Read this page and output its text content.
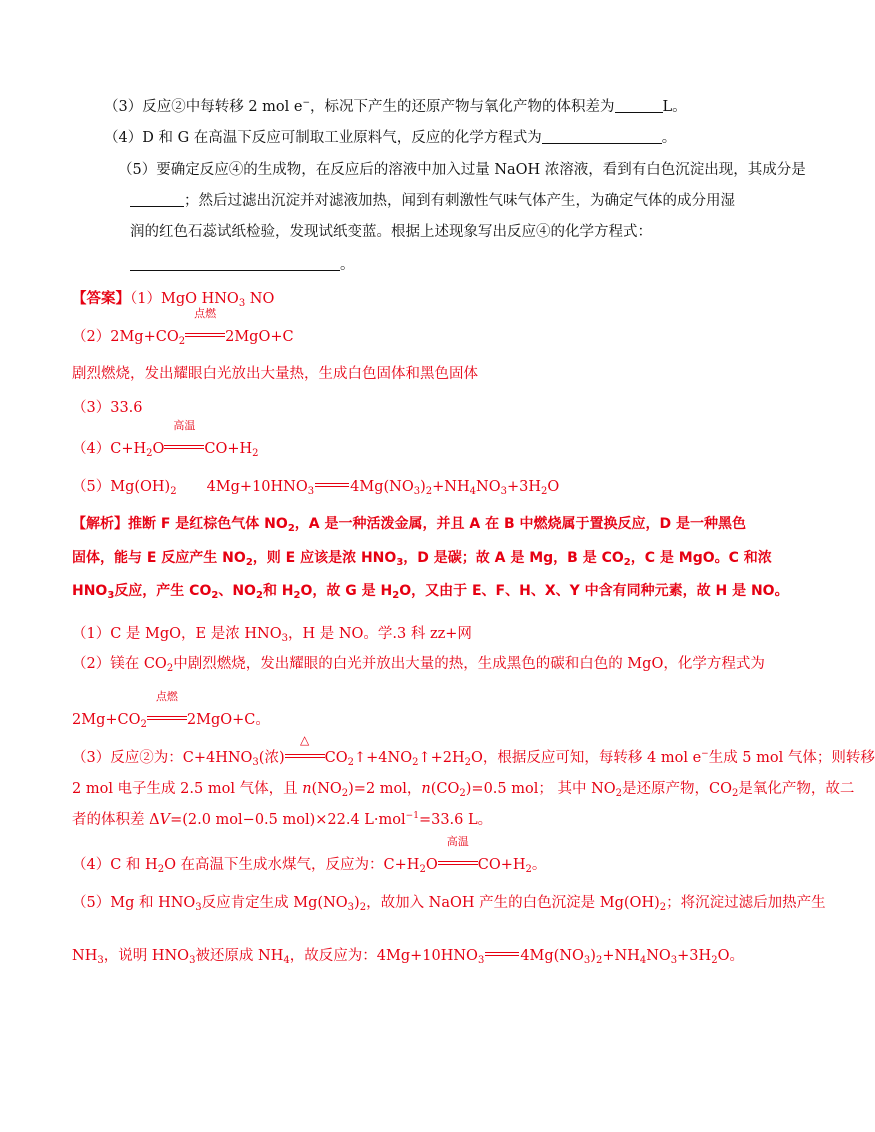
（3）反应②中每转移 2 mol e−，标况下产生的还原产物与氧化产物的体积差为	L。
（4）D 和 G 在高温下反应可制取工业原料气，反应的化学方程式为	。
（5）要确定反应④的生成物，在反应后的溶液中加入过量 NaOH 浓溶液，看到有白色沉淀出现，其成分是
；然后过滤出沉淀并对滤液加热，闻到有刺激性气味气体产生，为确定气体的成分用湿
润的红色石蕊试纸检验，发现试纸变蓝。根据上述现象写出反应④的化学方程式：
。
【答案】（1）MgO $HNO_3$ NO
$(2)2Mg+CO_2$
点燃
2MgO+C
剧烈燃烧，发出耀眼白光放出大量热，生成白色固体和黑色固体
（3）33.6
$(4)C+H_2O$
高温
$CO+H_2$
$(5)Mg(OH)_2$ $4Mg+10HNO_3$ $4Mg(NO_3)_2+NH_4NO_3+3H_2O$
【解析】推断 F 是红棕色气体 $NO_2$，A 是一种活泼金属，并且 A 在 B 中燃烧属于置换反应，D 是一种黑色
固体，能与 E 反应产生 $NO_2$，则 E 应该是浓 $HNO_3$，D 是碳；故 A 是 Mg，B 是 $CO_2$，C 是 MgO。C 和浓
$HNO_3$反应，产生 $CO_2$、$NO_2$和 $H_2O$，故 G 是 $H_2O$，又由于 E、F、H、X、Y 中含有同种元素，故 H 是 NO。
（1）C 是 MgO，E 是浓 $HNO_3$，H 是 NO。学.3 科 zz+网
（2）镁在 $CO_2$中剧烈燃烧，发出耀眼的白光并放出大量的热，生成黑色的碳和白色的 MgO，化学方程式为
$2Mg+CO_2$
点燃
2MgO+C。
（3）反应②为：$C+4HNO_3$(浓)
△
$CO_2↑+4NO_2↑+2H_2O$，根据反应可知，每转移 4 mol e−生成 5 mol 气体；则转移
2 mol 电子生成 2.5 mol 气体，且 $n(NO_2)=2$ mol，$n(CO_2)=0.5$ mol； 其中 $NO_2$是还原产物，$CO_2$是氧化产物，故二
者的体积差 ΔV=(2.0 mol−0.5 mol)×22.4 L·mol$^{-1}$=33.6 L。
（4）C 和 $H_2O$ 在高温下生成水煤气，反应为：$C+H_2O$
高温
$CO+H_2$。
（5）Mg 和 $HNO_3$反应肯定生成 $Mg(NO_3)_2$，故加入 NaOH 产生的白色沉淀是 $Mg(OH)_2$；将沉淀过滤后加热产生
$NH_3$，说明 $HNO_3$被还原成 $NH_4$，故反应为：$4Mg+10HNO_3$ $4Mg(NO_3)_2+NH_4NO_3+3H_2O$。
